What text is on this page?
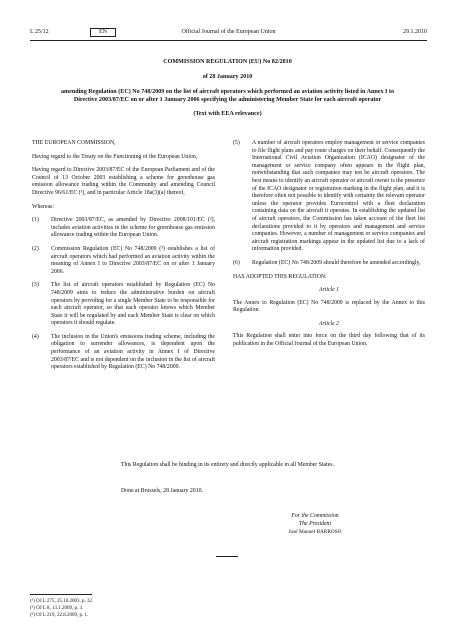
L 25/12	EN	Official Journal of the European Union	29.1.2010
COMMISSION REGULATION (EU) No 82/2010
of 28 January 2010
amending Regulation (EC) No 748/2009 on the list of aircraft operators which performed an aviation activity listed in Annex I to Directive 2003/87/EC on or after 1 January 2006 specifying the administering Member State for each aircraft operator
(Text with EEA relevance)
THE EUROPEAN COMMISSION,
Having regard to the Treaty on the Functioning of the European Union,
Having regard to Directive 2003/87/EC of the European Parliament and of the Council of 13 October 2003 establishing a scheme for greenhouse gas emission allowance trading within the Community and amending Council Directive 96/61/EC (¹), and in particular Article 18a(3)(a) thereof,
Whereas:
(1)	Directive 2003/87/EC, as amended by Directive 2008/101/EC (²), includes aviation activities in the scheme for greenhouse gas emission allowance trading within the European Union.
(2)	Commission Regulation (EC) No 748/2009 (³) establishes a list of aircraft operators which had performed an aviation activity within the meaning of Annex I to Directive 2003/87/EC on or after 1 January 2006.
(3)	The list of aircraft operators established by Regulation (EC) No 748/2009 aims to reduce the administrative burden on aircraft operators by providing for a single Member State to be responsible for each aircraft operator, so that each operator knows which Member State it will be regulated by and each Member State is clear on which operators it should regulate.
(4)	The inclusion in the Union's emissions trading scheme, including the obligation to surrender allowances, is dependent upon the performance of an aviation activity in Annex I of Directive 2003/87/EC and is not dependent on the inclusion in the list of aircraft operators established by Regulation (EC) No 748/2009.
(5)	A number of aircraft operators employ management or service companies to file flight plans and pay route charges on their behalf. Consequently the International Civil Aviation Organization (ICAO) designator of the management or service company often appears in the flight plan, notwithstanding that such companies may not be aircraft operators. The best means to identify an aircraft operator or aircraft owner is the presence of the ICAO designator or registration marking in the flight plan, and it is therefore often not possible to identify with certainty the relevant operator unless the operator provides Eurocontrol with a fleet declaration containing data on the aircraft it operates. In establishing the updated list of aircraft operators, the Commission has taken account of the fleet list declarations provided to it by operators and management and service companies. However, a number of management or service companies and aircraft registration markings appear in the updated list due to a lack of information provided.
(6)	Regulation (EC) No 748/2009 should therefore be amended accordingly,
HAS ADOPTED THIS REGULATION:
Article 1
The Annex to Regulation (EC) No 748/2009 is replaced by the Annex to this Regulation.
Article 2
This Regulation shall enter into force on the third day following that of its publication in the Official Journal of the European Union.
This Regulation shall be binding in its entirety and directly applicable in all Member States.
Done at Brussels, 28 January 2010.
For the Commission
The President
José Manuel BARROSO
(¹) OJ L 275, 25.10.2003, p. 32.
(²) OJ L 8, 13.1.2009, p. 3.
(³) OJ L 219, 22.8.2009, p. 1.
